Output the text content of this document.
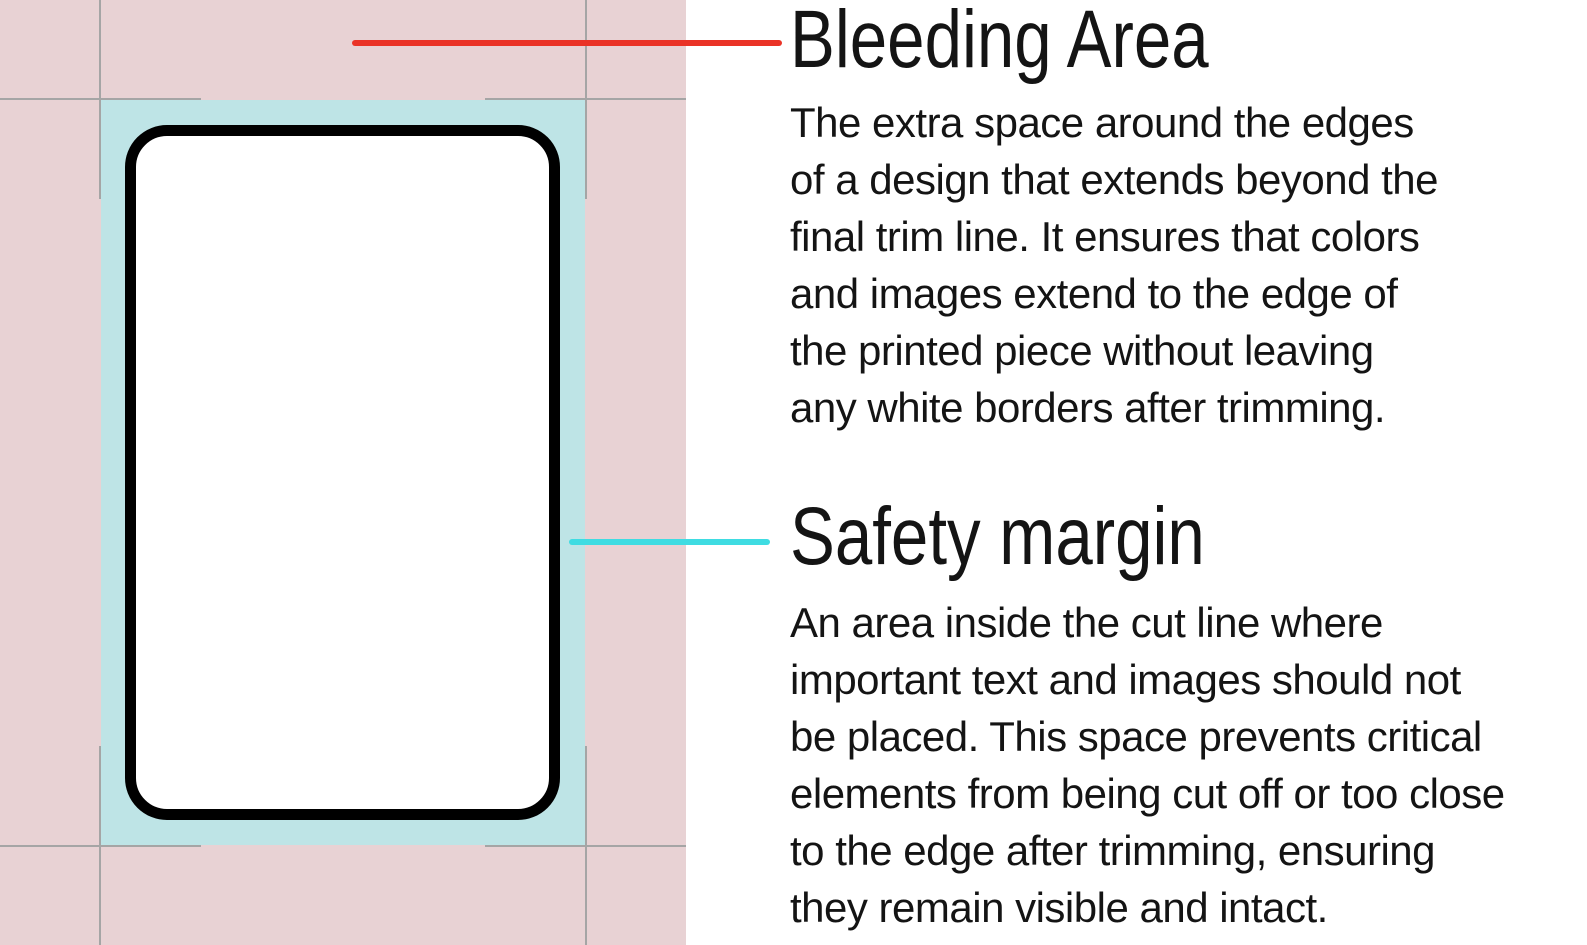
Bleeding Area
The extra space around the edges
of a design that extends beyond the
final trim line. It ensures that colors
and images extend to the edge of
the printed piece without leaving
any white borders after trimming.
Safety margin
An area inside the cut line where
important text and images should not
be placed. This space prevents critical
elements from being cut off or too close
to the edge after trimming, ensuring
they remain visible and intact.
